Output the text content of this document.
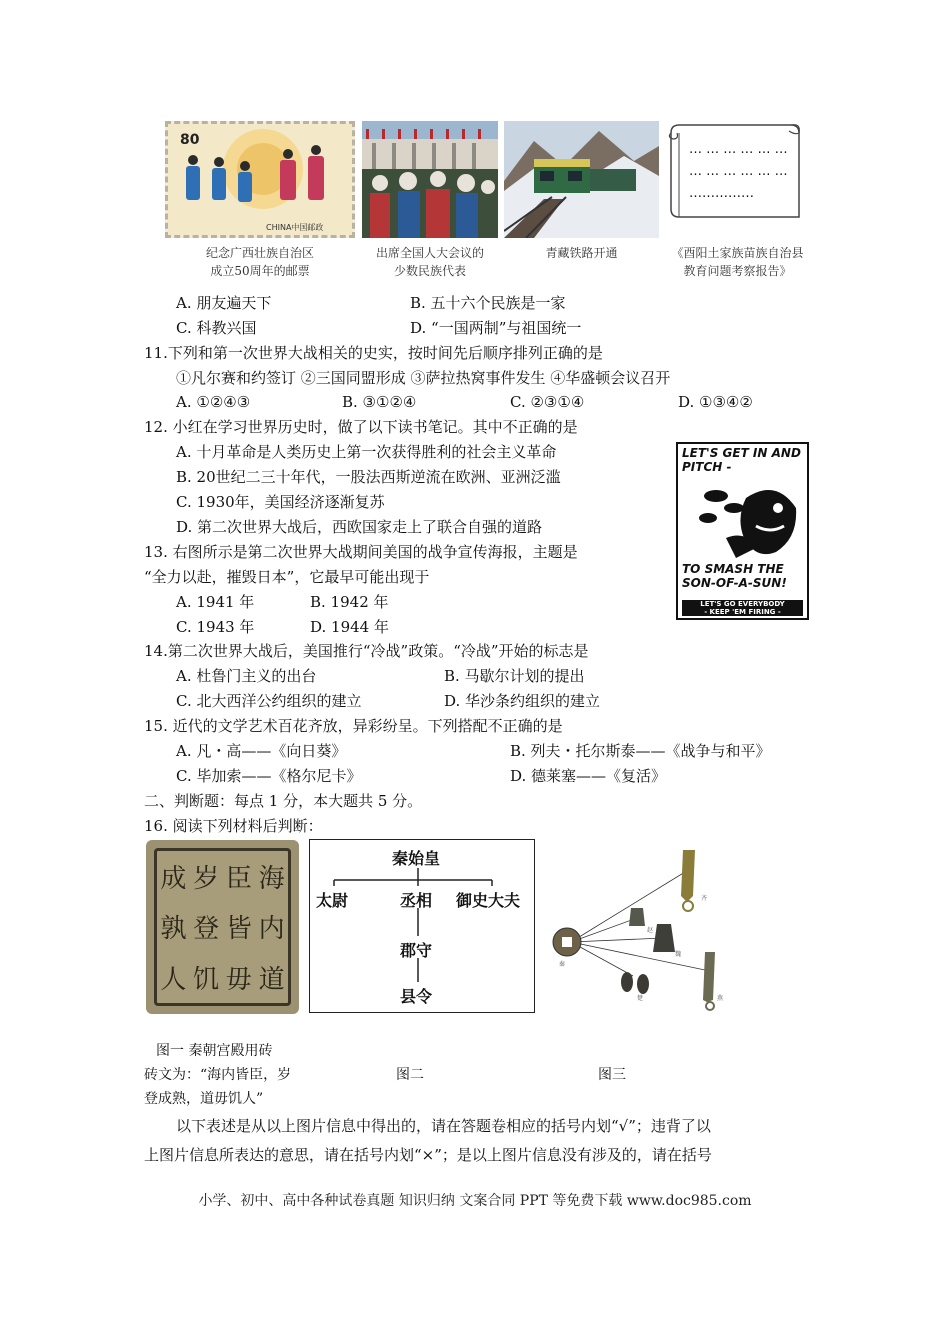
80
CHINA中国邮政
… … … … … …
… … … … … …
……………
纪念广西壮族自治区
成立50周年的邮票
出席全国人大会议的
少数民族代表
青藏铁路开通	《酉阳土家族苗族自治县
教育问题考察报告》
A. 朋友遍天下	B. 五十六个民族是一家
C. 科教兴国	D. “一国两制”与祖国统一
11.下列和第一次世界大战相关的史实，按时间先后顺序排列正确的是
①凡尔赛和约签订 ②三国同盟形成 ③萨拉热窝事件发生 ④华盛顿会议召开
A. ①②④③	B. ③①②④	C. ②③①④	D. ①③④②
12. 小红在学习世界历史时，做了以下读书笔记。其中不正确的是
A. 十月革命是人类历史上第一次获得胜利的社会主义革命
B. 20世纪二三十年代，一股法西斯逆流在欧洲、亚洲泛滥
C. 1930年，美国经济逐渐复苏
D. 第二次世界大战后，西欧国家走上了联合自强的道路
LET'S GET IN AND PITCH -
TO SMASH THE SON-OF-A-SUN!
LET'S GO EVERYBODY
- KEEP 'EM FIRING -
13. 右图所示是第二次世界大战期间美国的战争宣传海报，主题是
“全力以赴，摧毁日本”，它最早可能出现于
A. 1941 年	B. 1942 年
C. 1943 年	D. 1944 年
14.第二次世界大战后，美国推行“冷战”政策。“冷战”开始的标志是
A. 杜鲁门主义的出台	B. 马歇尔计划的提出
C. 北大西洋公约组织的建立	D. 华沙条约组织的建立
15. 近代的文学艺术百花齐放，异彩纷呈。下列搭配不正确的是
A. 凡・高——《向日葵》	B. 列夫・托尔斯泰——《战争与和平》
C. 毕加索——《格尔尼卡》	D. 德莱塞——《复活》
二、判断题：每点 1 分，本大题共 5 分。
16. 阅读下列材料后判断：
成 岁 臣 海
孰 登 皆 内
人 饥 毋 道
秦始皇
太尉	丞相 御史大夫
郡守
县令
齐
赵
魏
楚	燕
秦
图一 秦朝宫殿用砖
砖文为：“海内皆臣，岁	图二	图三
登成熟，道毋饥人”
以下表述是从以上图片信息中得出的，请在答题卷相应的括号内划“√”；违背了以
上图片信息所表达的意思，请在括号内划“×”；是以上图片信息没有涉及的，请在括号
小学、初中、高中各种试卷真题 知识归纳 文案合同 PPT 等免费下载 www.doc985.com
